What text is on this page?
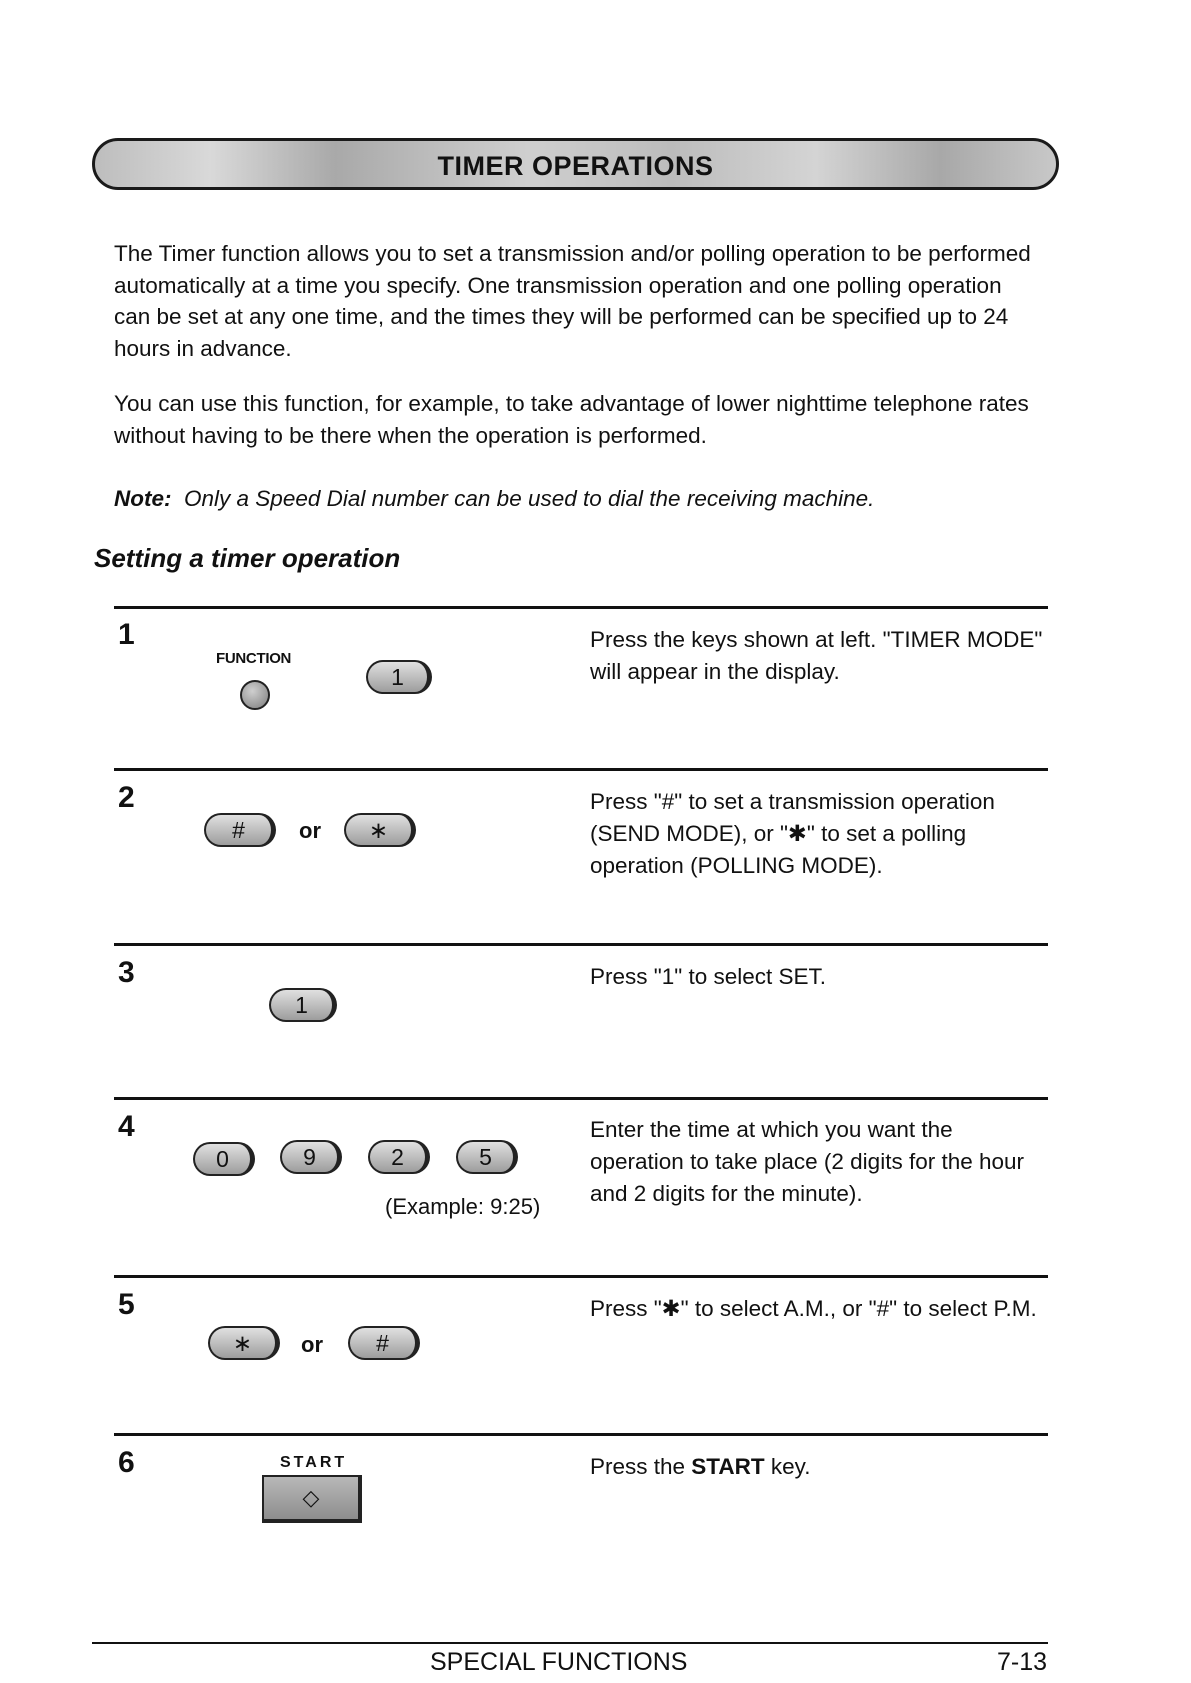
TIMER OPERATIONS

The Timer function allows you to set a transmission and/or polling operation to be performed automatically at a time you specify. One transmission operation and one polling operation can be set at any one time, and the times they will be performed can be specified up to 24 hours in advance.

You can use this function, for example, to take advantage of lower nighttime telephone rates without having to be there when the operation is performed.

Note: Only a Speed Dial number can be used to dial the receiving machine.

Setting a timer operation
1
FUNCTION
1

Press the keys shown at left. "TIMER MODE" will appear in the display.

2
# or ∗

Press "#" to set a transmission operation (SEND MODE), or "✱" to set a polling operation (POLLING MODE).

3
1

Press "1" to select SET.

4
0	9	2	5
(Example: 9:25)

Enter the time at which you want the operation to take place (2 digits for the hour and 2 digits for the minute).

5
∗ or #

Press "✱" to select A.M., or "#" to select P.M.

6	START
◇

Press the START key.

SPECIAL FUNCTIONS	7-13
